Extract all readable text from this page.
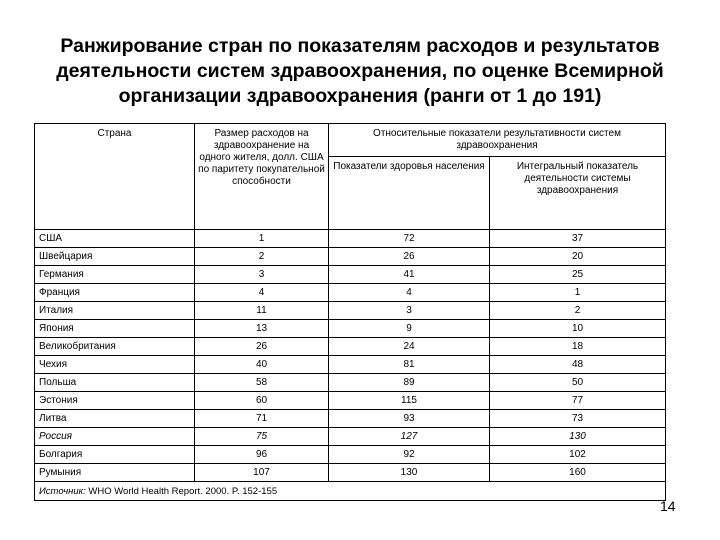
Ранжирование стран по показателям расходов и результатов деятельности систем здравоохранения, по оценке Всемирной организации здравоохранения (ранги от 1 до 191)
Страна	Размер расходов на здравоохранение на одного жителя, долл. США по паритету покупательной способности	Относительные показатели результативности систем здравоохранения	
		Показатели здоровья населения	Интегральный показатель деятельности системы здравоохранения
США	1	72	37
Швейцария	2	26	20
Германия	3	41	25
Франция	4	4	1
Италия	11	3	2
Япония	13	9	10
Великобритания	26	24	18
Чехия	40	81	48
Польша	58	89	50
Эстония	60	115	77
Литва	71	93	73
Россия	75	127	130
Болгария	96	92	102
Румыния	107	130	160
Источник: WHO World Health Report. 2000. P. 152-155			
14
